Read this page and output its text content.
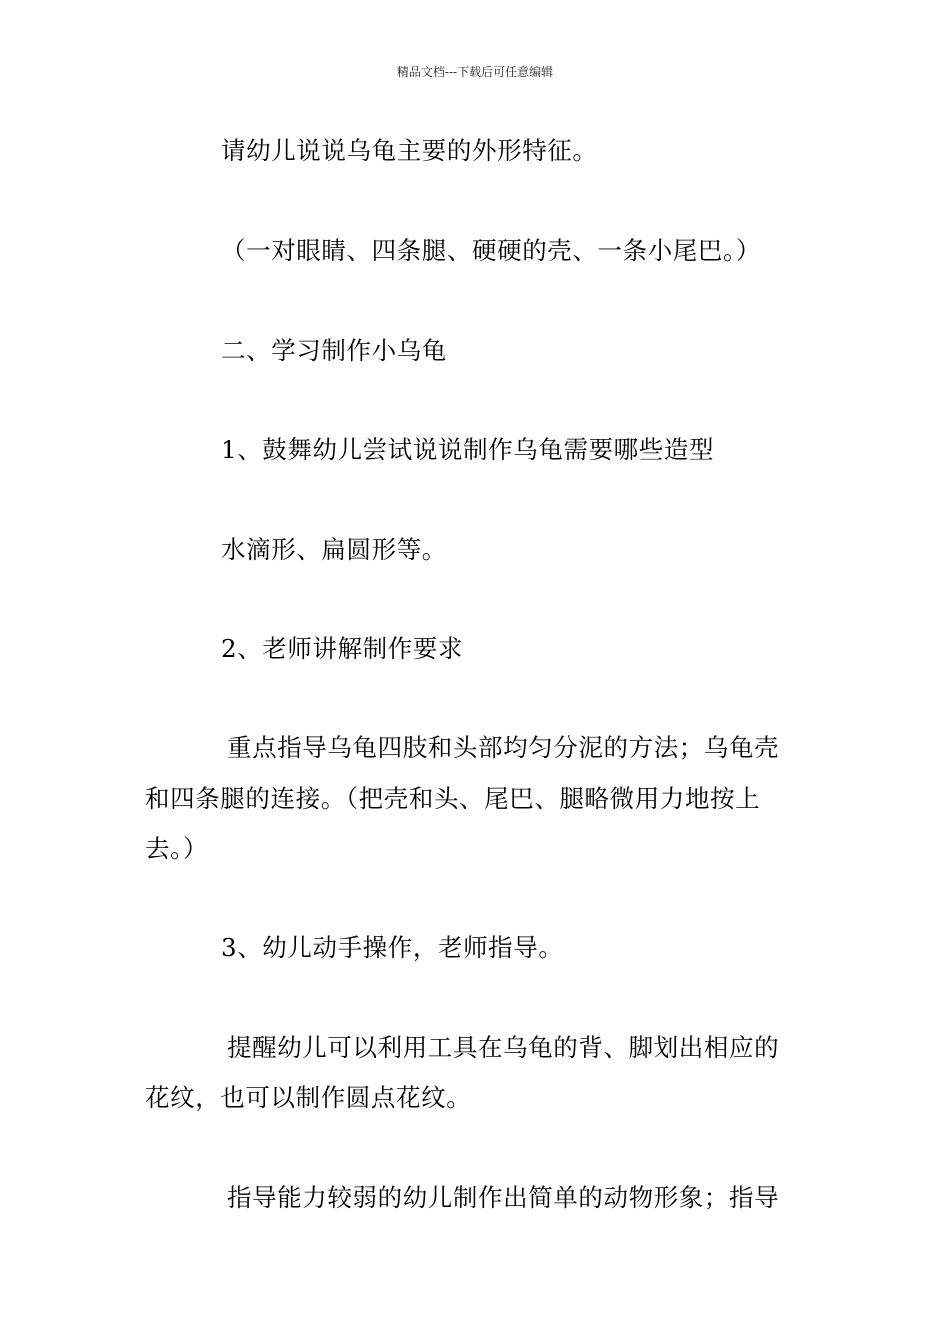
精品文档---下载后可任意编辑
请幼儿说说乌龟主要的外形特征。
（一对眼睛、四条腿、硬硬的壳、一条小尾巴。）
二、学习制作小乌龟
1、鼓舞幼儿尝试说说制作乌龟需要哪些造型
水滴形、扁圆形等。
2、老师讲解制作要求
重点指导乌龟四肢和头部均匀分泥的方法；乌龟壳
和四条腿的连接。（把壳和头、尾巴、腿略微用力地按上
去。）
3、幼儿动手操作，老师指导。
提醒幼儿可以利用工具在乌龟的背、脚划出相应的
花纹，也可以制作圆点花纹。
指导能力较弱的幼儿制作出简单的动物形象；指导
